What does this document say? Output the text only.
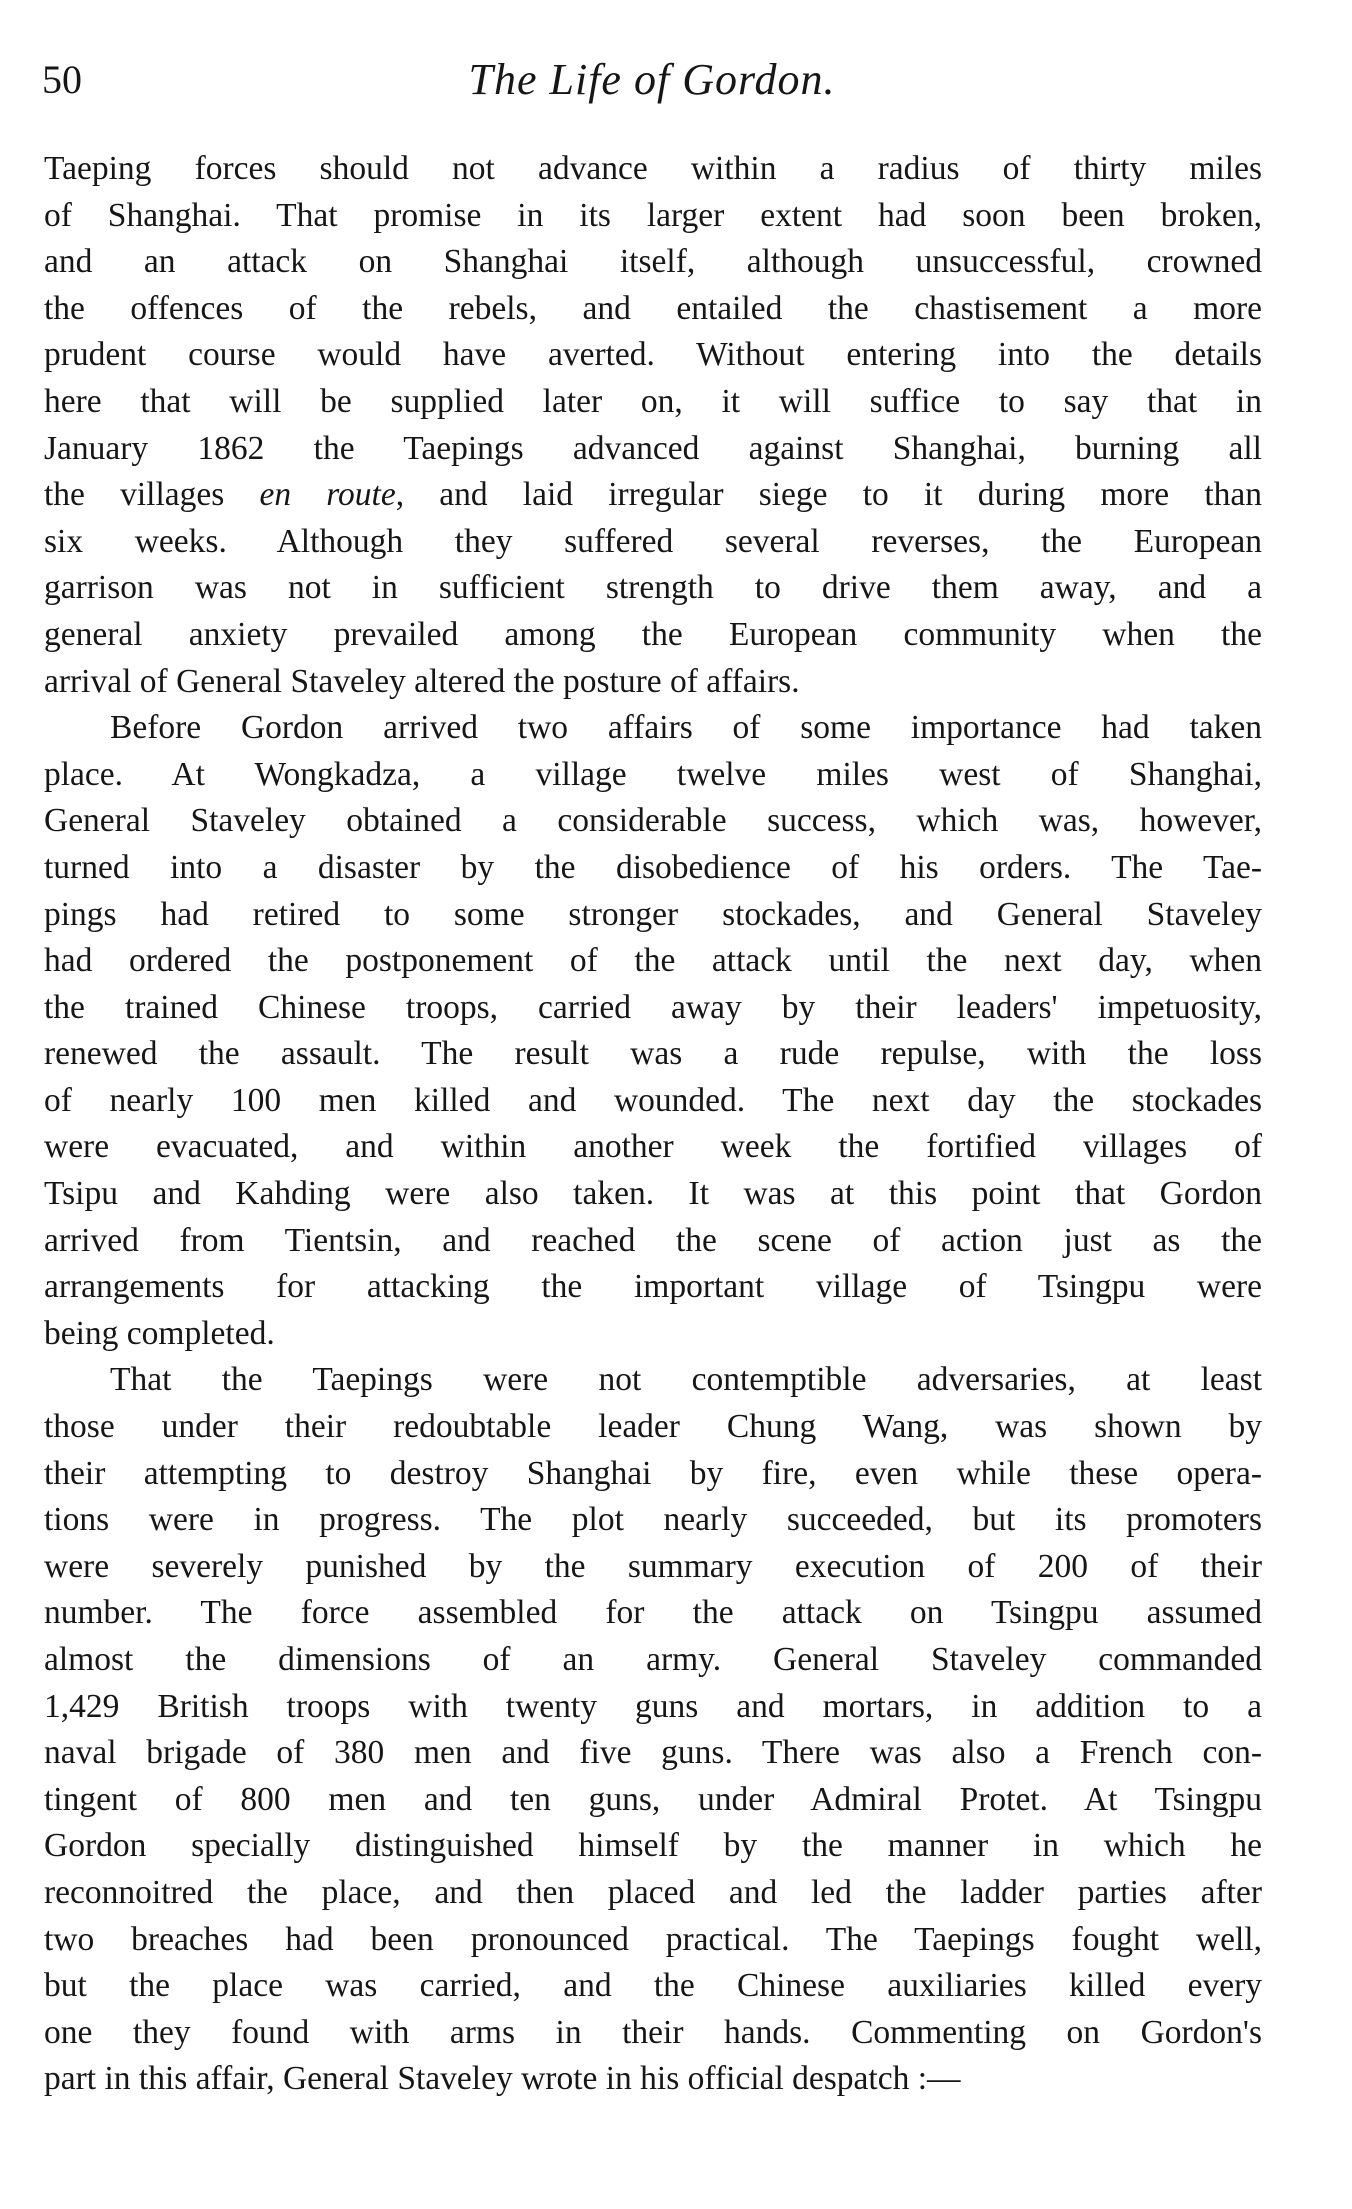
50	The Life of Gordon.
Taeping forces should not advance within a radius of thirty miles
of Shanghai. That promise in its larger extent had soon been broken,
and an attack on Shanghai itself, although unsuccessful, crowned
the offences of the rebels, and entailed the chastisement a more
prudent course would have averted. Without entering into the details
here that will be supplied later on, it will suffice to say that in
January 1862 the Taepings advanced against Shanghai, burning all
the villages en route, and laid irregular siege to it during more than
six weeks. Although they suffered several reverses, the European
garrison was not in sufficient strength to drive them away, and a
general anxiety prevailed among the European community when the
arrival of General Staveley altered the posture of affairs.
Before Gordon arrived two affairs of some importance had taken
place. At Wongkadza, a village twelve miles west of Shanghai,
General Staveley obtained a considerable success, which was, however,
turned into a disaster by the disobedience of his orders. The Tae-
pings had retired to some stronger stockades, and General Staveley
had ordered the postponement of the attack until the next day, when
the trained Chinese troops, carried away by their leaders' impetuosity,
renewed the assault. The result was a rude repulse, with the loss
of nearly 100 men killed and wounded. The next day the stockades
were evacuated, and within another week the fortified villages of
Tsipu and Kahding were also taken. It was at this point that Gordon
arrived from Tientsin, and reached the scene of action just as the
arrangements for attacking the important village of Tsingpu were
being completed.
That the Taepings were not contemptible adversaries, at least
those under their redoubtable leader Chung Wang, was shown by
their attempting to destroy Shanghai by fire, even while these opera-
tions were in progress. The plot nearly succeeded, but its promoters
were severely punished by the summary execution of 200 of their
number. The force assembled for the attack on Tsingpu assumed
almost the dimensions of an army. General Staveley commanded
1,429 British troops with twenty guns and mortars, in addition to a
naval brigade of 380 men and five guns. There was also a French con-
tingent of 800 men and ten guns, under Admiral Protet. At Tsingpu
Gordon specially distinguished himself by the manner in which he
reconnoitred the place, and then placed and led the ladder parties after
two breaches had been pronounced practical. The Taepings fought well,
but the place was carried, and the Chinese auxiliaries killed every
one they found with arms in their hands. Commenting on Gordon's
part in this affair, General Staveley wrote in his official despatch :—
